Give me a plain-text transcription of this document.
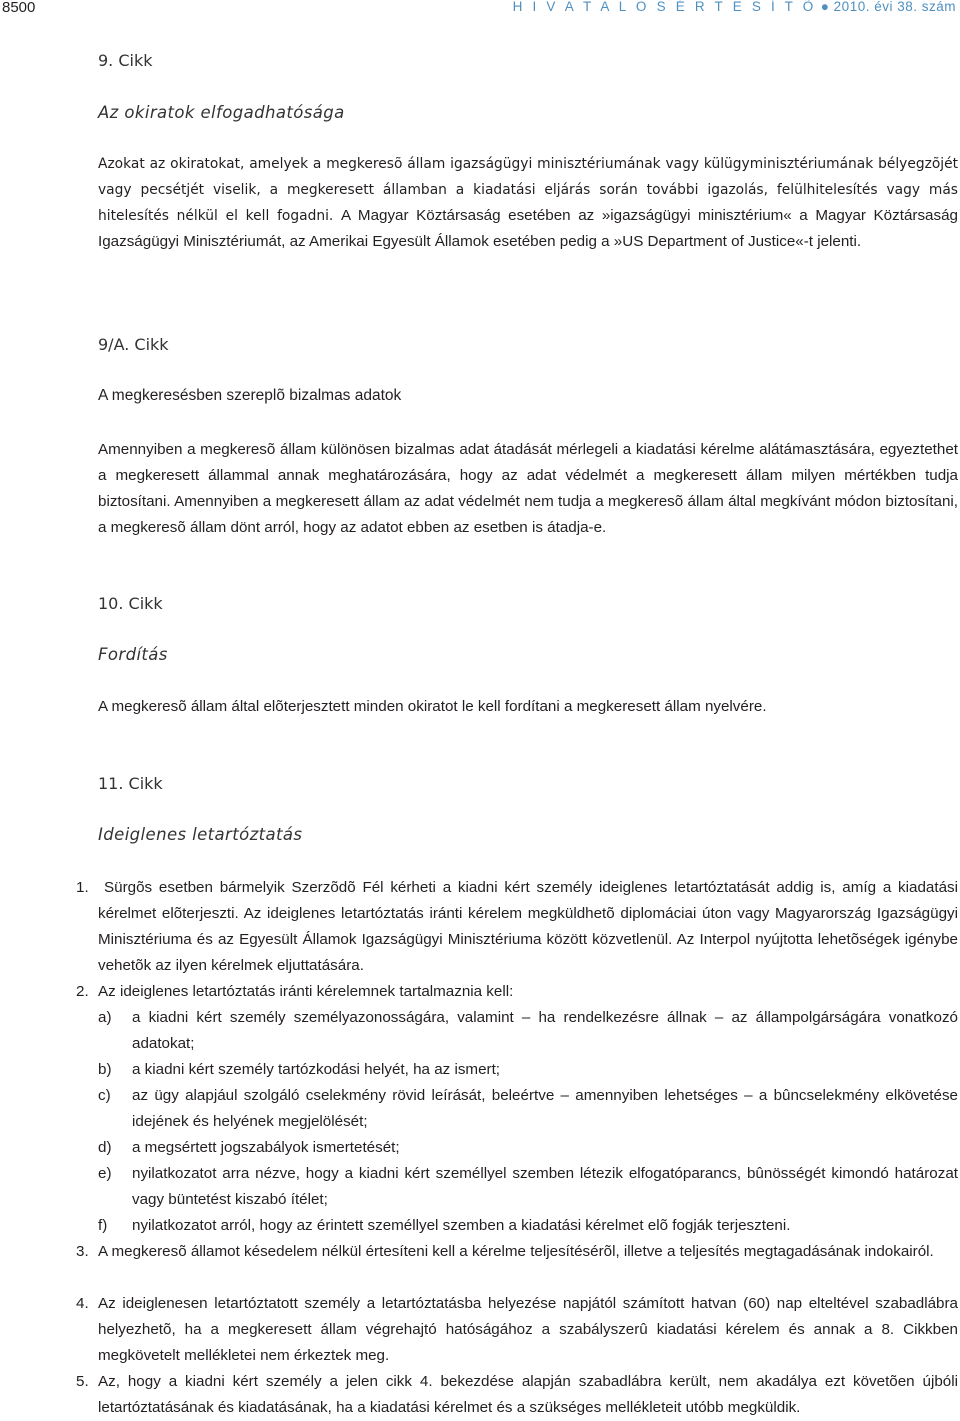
8500	H I V A T A L O S É R T E S Í T Õ ● 2010. évi 38. szám

9. Cikk

Az okiratok elfogadhatósága

Azokat az okiratokat, amelyek a megkeresõ állam igazságügyi minisztériumának vagy külügyminisztériumának bélyegzõjét vagy pecsétjét viselik, a megkeresett államban a kiadatási eljárás során további igazolás, felülhitelesítés vagy más hitelesítés nélkül el kell fogadni. A Magyar Köztársaság esetében az »igazságügyi minisztérium« a Magyar Köztársaság Igazságügyi Minisztériumát, az Amerikai Egyesült Államok esetében pedig a »US Department of Justice«-t jelenti.

9/A. Cikk

A megkeresésben szereplõ bizalmas adatok

Amennyiben a megkeresõ állam különösen bizalmas adat átadását mérlegeli a kiadatási kérelme alátámasztására, egyeztethet a megkeresett állammal annak meghatározására, hogy az adat védelmét a megkeresett állam milyen mértékben tudja biztosítani. Amennyiben a megkeresett állam az adat védelmét nem tudja a megkeresõ állam által megkívánt módon biztosítani, a megkeresõ állam dönt arról, hogy az adatot ebben az esetben is átadja-e.

10. Cikk

Fordítás

A megkeresõ állam által elõterjesztett minden okiratot le kell fordítani a megkeresett állam nyelvére.

11. Cikk

Ideiglenes letartóztatás

1.	Sürgõs esetben bármelyik Szerzõdõ Fél kérheti a kiadni kért személy ideiglenes letartóztatását addig is, amíg a kiadatási kérelmet elõterjeszti. Az ideiglenes letartóztatás iránti kérelem megküldhetõ diplomáciai úton vagy Magyarország Igazságügyi Minisztériuma és az Egyesült Államok Igazságügyi Minisztériuma között közvetlenül. Az Interpol nyújtotta lehetõségek igénybe vehetõk az ilyen kérelmek eljuttatására.

2. Az ideiglenes letartóztatás iránti kérelemnek tartalmaznia kell:

a) a kiadni kért személy személyazonosságára, valamint – ha rendelkezésre állnak – az állampolgárságára vonatkozó adatokat;

b) a kiadni kért személy tartózkodási helyét, ha az ismert;

c) az ügy alapjául szolgáló cselekmény rövid leírását, beleértve – amennyiben lehetséges – a bûncselekmény elkövetése idejének és helyének megjelölését;

d) a megsértett jogszabályok ismertetését;

e) nyilatkozatot arra nézve, hogy a kiadni kért személlyel szemben létezik elfogatóparancs, bûnösségét kimondó határozat vagy büntetést kiszabó ítélet;

f) nyilatkozatot arról, hogy az érintett személlyel szemben a kiadatási kérelmet elõ fogják terjeszteni.

3. A megkeresõ államot késedelem nélkül értesíteni kell a kérelme teljesítésérõl, illetve a teljesítés megtagadásának indokairól.

4. Az ideiglenesen letartóztatott személy a letartóztatásba helyezése napjától számított hatvan (60) nap elteltével szabadlábra helyezhetõ, ha a megkeresett állam végrehajtó hatóságához a szabályszerû kiadatási kérelem és annak a 8. Cikkben megkövetelt mellékletei nem érkeztek meg.

5. Az, hogy a kiadni kért személy a jelen cikk 4. bekezdése alapján szabadlábra került, nem akadálya ezt követõen újbóli letartóztatásának és kiadatásának, ha a kiadatási kérelmet és a szükséges mellékleteit utóbb megküldik.
